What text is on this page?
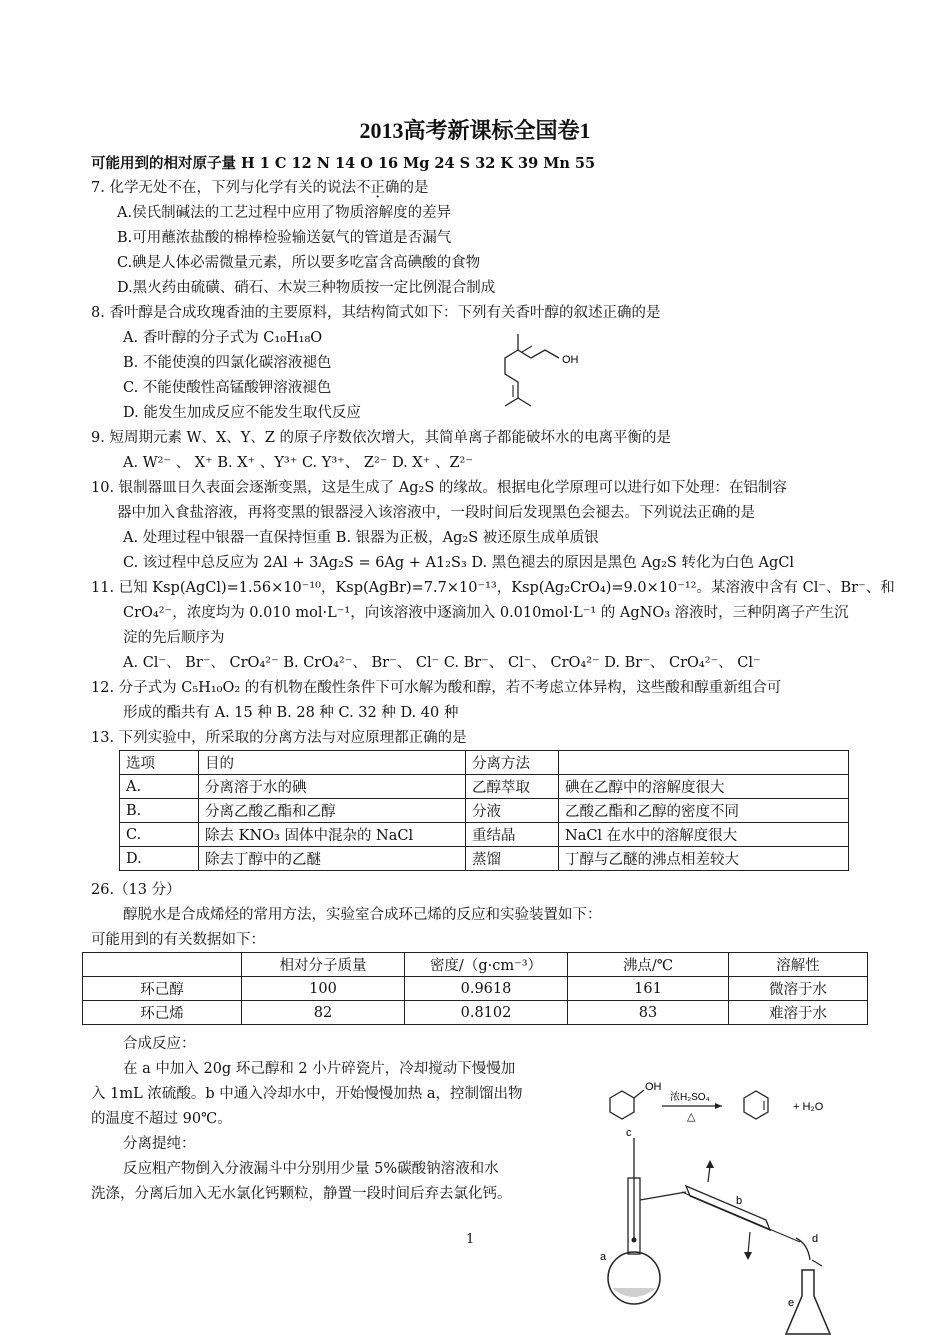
2013高考新课标全国卷1
可能用到的相对原子量 H 1 C 12 N 14 O 16 Mg 24 S 32 K 39 Mn 55
7. 化学无处不在，下列与化学有关的说法不正确的是
A.侯氏制碱法的工艺过程中应用了物质溶解度的差异
B.可用蘸浓盐酸的棉棒检验输送氨气的管道是否漏气
C.碘是人体必需微量元素，所以要多吃富含高碘酸的食物
D.黑火药由硫磺、硝石、木炭三种物质按一定比例混合制成
8. 香叶醇是合成玫瑰香油的主要原料，其结构简式如下：下列有关香叶醇的叙述正确的是
A. 香叶醇的分子式为 C₁₀H₁₈O
B. 不能使溴的四氯化碳溶液褪色
C. 不能使酸性高锰酸钾溶液褪色
D. 能发生加成反应不能发生取代反应
OH
9. 短周期元素 W、X、Y、Z 的原子序数依次增大，其简单离子都能破坏水的电离平衡的是
A. W²⁻ 、 X⁺ B. X⁺ 、Y³⁺ C. Y³⁺、 Z²⁻ D. X⁺ 、Z²⁻
10. 银制器皿日久表面会逐渐变黑，这是生成了 Ag₂S 的缘故。根据电化学原理可以进行如下处理：在铝制容
器中加入食盐溶液，再将变黑的银器浸入该溶液中，一段时间后发现黑色会褪去。下列说法正确的是
A. 处理过程中银器一直保持恒重 B. 银器为正极，Ag₂S 被还原生成单质银
C. 该过程中总反应为 2Al + 3Ag₂S = 6Ag + A1₂S₃ D. 黑色褪去的原因是黑色 Ag₂S 转化为白色 AgCl
11. 已知 Ksp(AgCl)=1.56×10⁻¹⁰，Ksp(AgBr)=7.7×10⁻¹³，Ksp(Ag₂CrO₄)=9.0×10⁻¹²。某溶液中含有 Cl⁻、Br⁻、和
CrO₄²⁻，浓度均为 0.010 mol·L⁻¹，向该溶液中逐滴加入 0.010mol·L⁻¹ 的 AgNO₃ 溶液时，三种阴离子产生沉
淀的先后顺序为
A. Cl⁻、 Br⁻、 CrO₄²⁻ B. CrO₄²⁻、 Br⁻、 Cl⁻ C. Br⁻、 Cl⁻、 CrO₄²⁻ D. Br⁻、 CrO₄²⁻、 Cl⁻
12. 分子式为 C₅H₁₀O₂ 的有机物在酸性条件下可水解为酸和醇，若不考虑立体异构，这些酸和醇重新组合可
形成的酯共有 A. 15 种 B. 28 种 C. 32 种 D. 40 种
13. 下列实验中，所采取的分离方法与对应原理都正确的是
选项	目的	分离方法	
A.	分离溶于水的碘	乙醇萃取	碘在乙醇中的溶解度很大
B.	分离乙酸乙酯和乙醇	分液	乙酸乙酯和乙醇的密度不同
C.	除去 KNO₃ 固体中混杂的 NaCl	重结晶	NaCl 在水中的溶解度很大
D.	除去丁醇中的乙醚	蒸馏	丁醇与乙醚的沸点相差较大
26.（13 分）
醇脱水是合成烯烃的常用方法，实验室合成环己烯的反应和实验装置如下：
可能用到的有关数据如下：
	相对分子质量	密度/（g·cm⁻³）	沸点/℃	溶解性
环己醇	100	0.9618	161	微溶于水
环己烯	82	0.8102	83	难溶于水
合成反应：
在 a 中加入 20g 环己醇和 2 小片碎瓷片，冷却搅动下慢慢加
入 1mL 浓硫酸。b 中通入冷却水中，开始慢慢加热 a，控制馏出物
的温度不超过 90℃。
分离提纯：
反应粗产物倒入分液漏斗中分别用少量 5%碳酸钠溶液和水
洗涤，分离后加入无水氯化钙颗粒，静置一段时间后弃去氯化钙。
OH
浓H₂SO₄
△
+ H₂O
c
a
b
d
e
1
